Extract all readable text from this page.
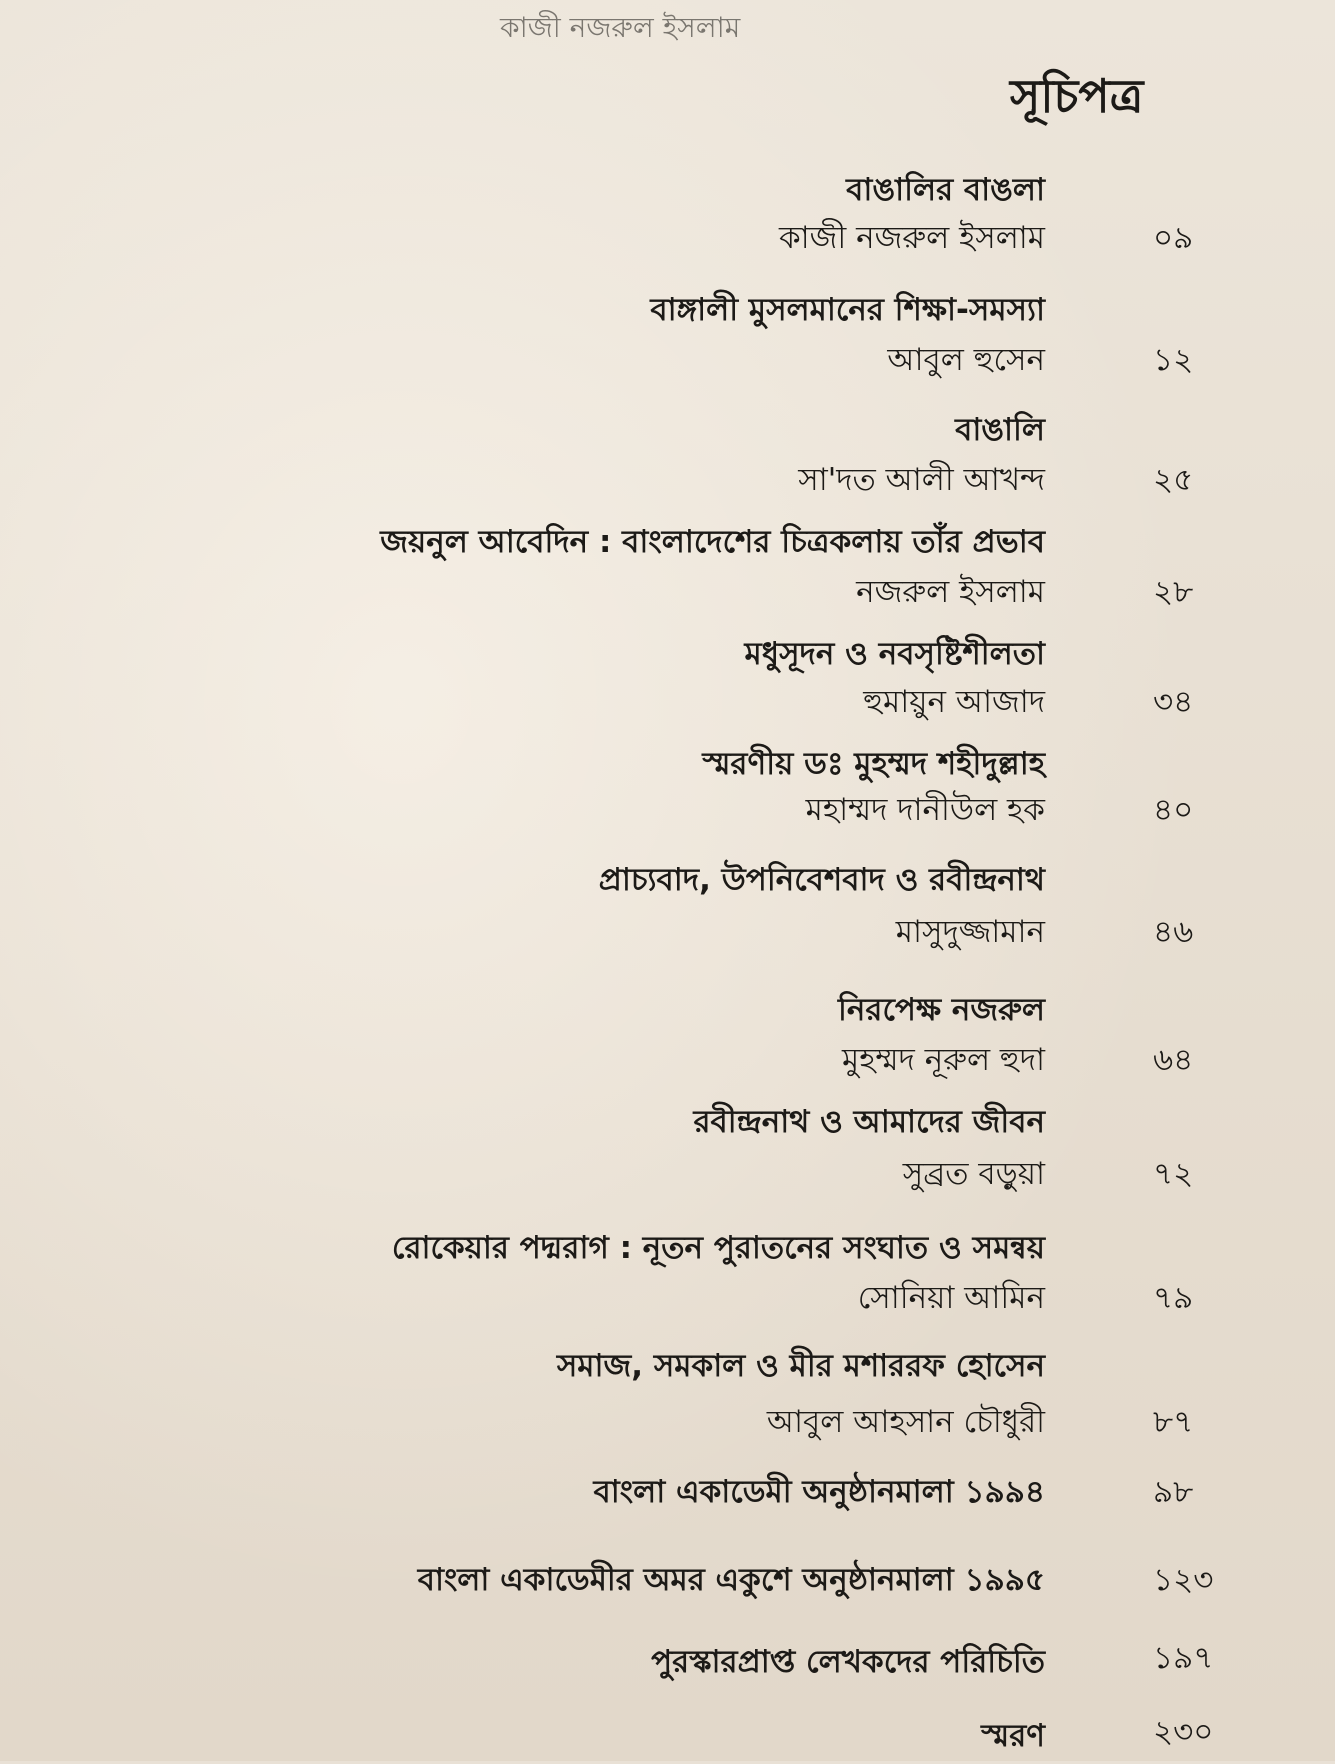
কাজী নজরুল ইসলাম
সূচিপত্র
বাঙালির বাঙলা
কাজী নজরুল ইসলাম	০৯
বাঙ্গালী মুসলমানের শিক্ষা-সমস্যা
আবুল হুসেন	১২
বাঙালি
সা'দত আলী আখন্দ	২৫
জয়নুল আবেদিন : বাংলাদেশের চিত্রকলায় তাঁর প্রভাব
নজরুল ইসলাম	২৮
মধুসূদন ও নবসৃষ্টিশীলতা
হুমায়ুন আজাদ	৩৪
স্মরণীয় ডঃ মুহম্মদ শহীদুল্লাহ
মহাম্মদ দানীউল হক	৪০
প্রাচ্যবাদ, উপনিবেশবাদ ও রবীন্দ্রনাথ
মাসুদুজ্জামান	৪৬
নিরপেক্ষ নজরুল
মুহম্মদ নূরুল হুদা	৬৪
রবীন্দ্রনাথ ও আমাদের জীবন
সুব্রত বড়ুয়া	৭২
রোকেয়ার পদ্মরাগ : নূতন পুরাতনের সংঘাত ও সমন্বয়
সোনিয়া আমিন	৭৯
সমাজ, সমকাল ও মীর মশাররফ হোসেন
আবুল আহসান চৌধুরী	৮৭
বাংলা একাডেমী অনুষ্ঠানমালা ১৯৯৪	৯৮
বাংলা একাডেমীর অমর একুশে অনুষ্ঠানমালা ১৯৯৫	১২৩
পুরস্কারপ্রাপ্ত লেখকদের পরিচিতি	১৯৭
স্মরণ	২৩০
